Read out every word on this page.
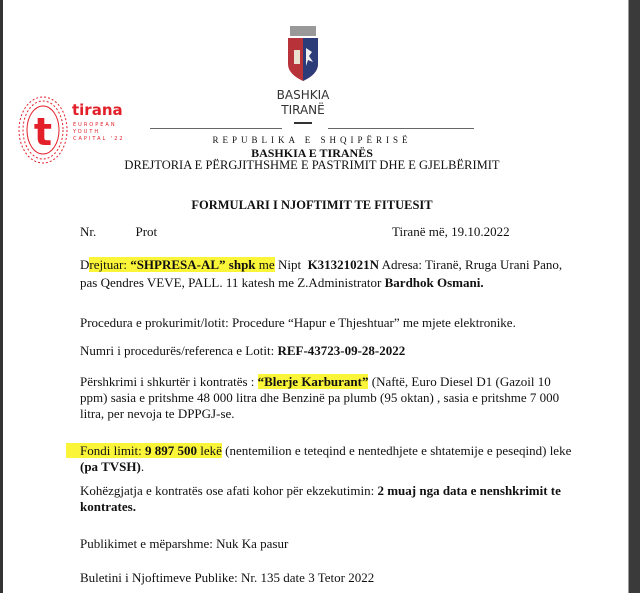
t tirana
EUROPEAN
YOUTH
CAPITAL '22
BASHKIA
TIRANË
REPUBLIKA E SHQIPËRISË
BASHKIA E TIRANËS
DREJTORIA E PËRGJITHSHME E PASTRIMIT DHE E GJELBËRIMIT
FORMULARI I NJOFTIMIT TE FITUESIT
Nr.	Prot	Tiranë më, 19.10.2022
Drejtuar: “SHPRESA-AL” shpk me Nipt K31321021N Adresa: Tiranë, Rruga Urani Pano,
pas Qendres VEVE, PALL. 11 katesh me Z.Administrator Bardhok Osmani.
Procedura e prokurimit/lotit: Procedure “Hapur e Thjeshtuar” me mjete elektronike.
Numri i procedurës/referenca e Lotit: REF-43723-09-28-2022
Përshkrimi i shkurtër i kontratës : “Blerje Karburant” (Naftë, Euro Diesel D1 (Gazoil 10
ppm) sasia e pritshme 48 000 litra dhe Benzinë pa plumb (95 oktan) , sasia e pritshme 7 000
litra, per nevoja te DPPGJ-se.
Fondi limit: 9 897 500 lekë (nentemilion e teteqind e nentedhjete e shtatemije e peseqind) leke
(pa TVSH).
Kohëzgjatja e kontratës ose afati kohor për ekzekutimin: 2 muaj nga data e nenshkrimit te
kontrates.
Publikimet e mëparshme: Nuk Ka pasur
Buletini i Njoftimeve Publike: Nr. 135 date 3 Tetor 2022
